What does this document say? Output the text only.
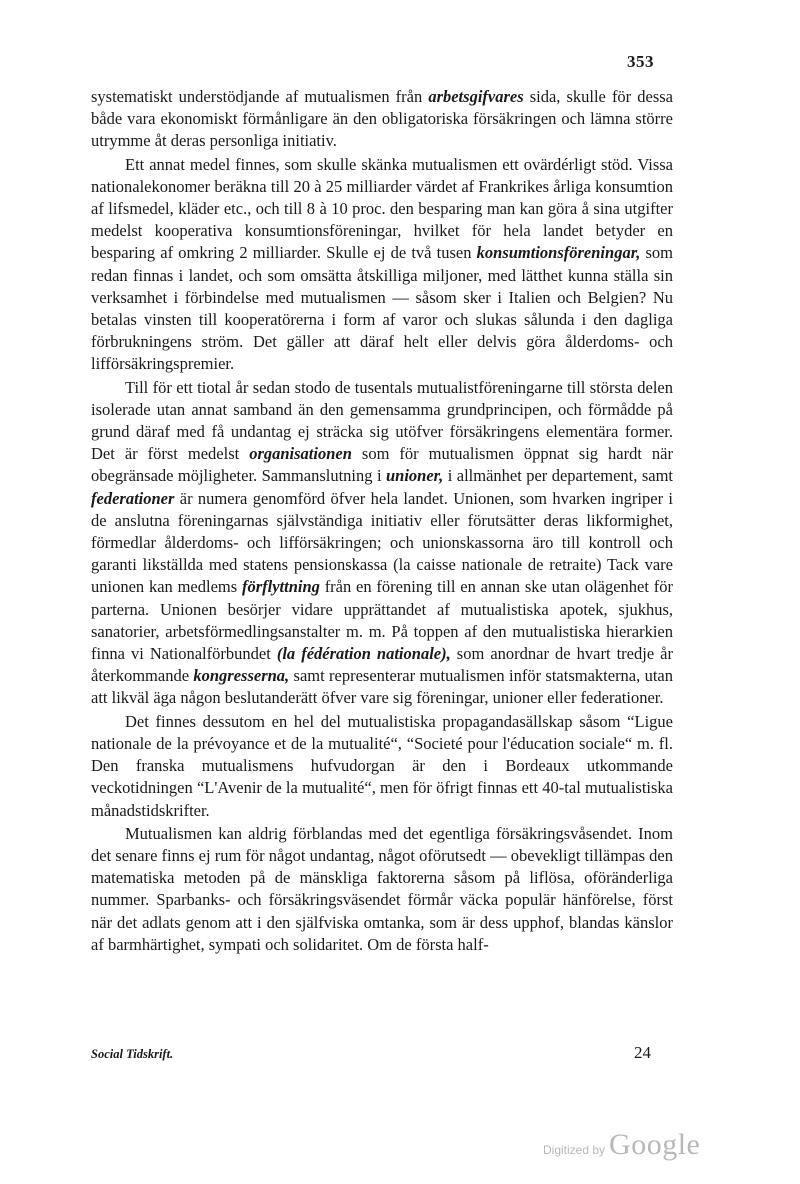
353

systematiskt understödjande af mutualismen från arbetsgifvares sida, skulle för dessa både vara ekonomiskt förmånligare än den obligatoriska försäkringen och lämna större utrymme åt deras personliga initiativ.

Ett annat medel finnes, som skulle skänka mutualismen ett ovärdérligt stöd. Vissa nationalekonomer beräkna till 20 à 25 milliarder värdet af Frankrikes årliga konsumtion af lifsmedel, kläder etc., och till 8 à 10 proc. den besparing man kan göra å sina utgifter medelst kooperativa konsumtionsföreningar, hvilket för hela landet betyder en besparing af omkring 2 milliarder. Skulle ej de två tusen konsumtionsföreningar, som redan finnas i landet, och som omsätta åtskilliga miljoner, med lätthet kunna ställa sin verksamhet i förbindelse med mutualismen — såsom sker i Italien och Belgien? Nu betalas vinsten till kooperatörerna i form af varor och slukas sålunda i den dagliga förbrukningens ström. Det gäller att däraf helt eller delvis göra ålderdoms- och lifförsäkringspremier.

Till för ett tiotal år sedan stodo de tusentals mutualistföreningarne till största delen isolerade utan annat samband än den gemensamma grundprincipen, och förmådde på grund däraf med få undantag ej sträcka sig utöfver försäkringens elementära former. Det är först medelst organisationen som för mutualismen öppnat sig hardt när obegränsade möjligheter. Sammanslutning i unioner, i allmänhet per departement, samt federationer är numera genomförd öfver hela landet. Unionen, som hvarken ingriper i de anslutna föreningarnas självständiga initiativ eller förutsätter deras likformighet, förmedlar ålderdoms- och lifförsäkringen; och unionskassorna äro till kontroll och garanti likställda med statens pensionskassa (la caisse nationale de retraite) Tack vare unionen kan medlems förflyttning från en förening till en annan ske utan olägenhet för parterna. Unionen besörjer vidare upprättandet af mutualistiska apotek, sjukhus, sanatorier, arbetsförmedlingsanstalter m. m. På toppen af den mutualistiska hierarkien finna vi Nationalförbundet (la fédération nationale), som anordnar de hvart tredje år återkommande kongresserna, samt representerar mutualismen inför statsmakterna, utan att likväl äga någon beslutanderätt öfver vare sig föreningar, unioner eller federationer.

Det finnes dessutom en hel del mutualistiska propagandasällskap såsom “Ligue nationale de la prévoyance et de la mutualité“, “Societé pour l'éducation sociale“ m. fl. Den franska mutualismens hufvudorgan är den i Bordeaux utkommande veckotidningen “L'Avenir de la mutualité“, men för öfrigt finnas ett 40-tal mutualistiska månadstidskrifter.

Mutualismen kan aldrig förblandas med det egentliga försäkringsvåsendet. Inom det senare finns ej rum för något undantag, något oförutsedt — obevekligt tillämpas den matematiska metoden på de mänskliga faktorerna såsom på liflösa, oföränderliga nummer. Sparbanks- och försäkringsväsendet förmår väcka populär hänförelse, först när det adlats genom att i den själfviska omtanka, som är dess upphof, blandas känslor af barmhärtighet, sympati och solidaritet. Om de första half-

Social Tidskrift.	24
Digitized by Google
